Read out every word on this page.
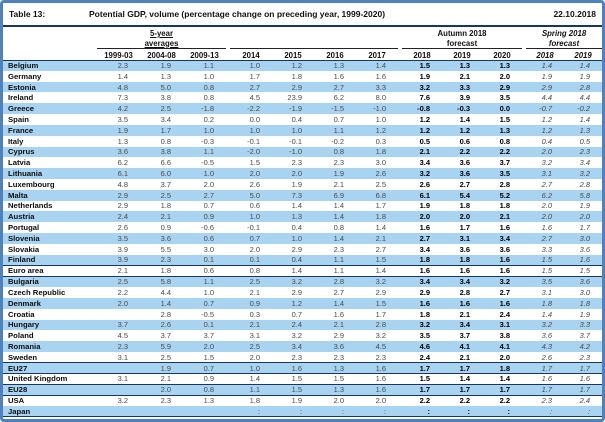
Table 13:	Potential GDP, volume (percentage change on preceding year, 1999-2020)	22.10.2018
	5-year									Autumn 2018				Spring 2018	
	averages									forecast				forecast	
	1999-03	2004-08	2009-13		2014	2015	2016	2017		2018	2019	2020		2018	2019
Belgium	2.3	1.9	1.1		1.0	1.2	1.3	1.4		1.5	1.3	1.3		1.4	1.4
Germany	1.4	1.3	1.0		1.7	1.8	1.6	1.6		1.9	2.1	2.0		1.9	1.9
Estonia	4.8	5.0	0.8		2.7	2.9	2.7	3.3		3.2	3.3	2.9		2.9	2.8
Ireland	7.3	3.8	0.8		4.5	23.9	6.2	8.0		7.6	3.9	3.5		4.4	4.4
Greece	4.2	2.5	-1.8		-2.2	-1.9	-1.5	-1.0		-0.8	-0.3	0.0		-0.7	-0.2
Spain	3.5	3.4	0.2		0.0	0.4	0.7	1.0		1.2	1.4	1.5		1.2	1.4
France	1.9	1.7	1.0		1.0	1.0	1.1	1.2		1.2	1.2	1.3		1.2	1.3
Italy	1.3	0.8	-0.3		-0.1	-0.1	-0.2	0.3		0.5	0.6	0.8		0.4	0.5
Cyprus	3.6	3.8	1.1		-2.0	-1.0	0.8	1.8		2.1	2.2	2.2		2.0	2.3
Latvia	6.2	6.6	-0.5		1.5	2.3	2.3	3.0		3.4	3.6	3.7		3.2	3.4
Lithuania	6.1	6.0	1.0		2.0	2.0	1.9	2.6		3.2	3.6	3.5		3.1	3.2
Luxembourg	4.8	3.7	2.0		2.6	1.9	2.1	2.5		2.6	2.7	2.8		2.7	2.8
Malta	2.9	2.5	2.7		5.0	7.3	6.9	6.8		6.1	5.4	5.2		6.2	5.8
Netherlands	2.9	1.8	0.7		0.6	1.4	1.4	1.7		1.9	1.8	1.8		2.0	1.9
Austria	2.4	2.1	0.9		1.0	1.3	1.4	1.8		2.0	2.0	2.1		2.0	2.0
Portugal	2.6	0.9	-0.6		-0.1	0.4	0.8	1.4		1.6	1.7	1.6		1.6	1.7
Slovenia	3.5	3.6	0.6		0.7	1.0	1.4	2.1		2.7	3.1	3.4		2.7	3.0
Slovakia	3.9	5.5	3.0		2.0	2.9	2.3	2.7		3.4	3.6	3.6		3.3	3.6
Finland	3.9	2.3	0.1		0.1	0.4	1.1	1.5		1.8	1.8	1.6		1.5	1.6
Euro area	2.1	1.8	0.6		0.8	1.4	1.1	1.4		1.6	1.6	1.6		1.5	1.5
Bulgaria	2.5	5.8	1.1		2.5	3.2	2.8	3.2		3.4	3.4	3.2		3.5	3.6
Czech Republic	2.2	4.4	1.0		2.1	2.9	2.7	2.9		2.9	2.8	2.7		3.1	3.0
Denmark	2.0	1.4	0.7		0.9	1.2	1.4	1.5		1.6	1.6	1.6		1.8	1.8
Croatia		2.8	-0.5		0.3	0.7	1.6	1.7		1.8	2.1	2.4		1.4	1.9
Hungary	3.7	2.6	0.1		2.1	2.4	2.1	2.8		3.2	3.4	3.1		3.2	3.3
Poland	4.5	3.7	3.7		3.1	3.2	2.9	3.2		3.5	3.7	3.8		3.6	3.7
Romania	2.3	5.9	2.0		2.5	3.4	3.6	4.5		4.6	4.1	4.1		4.3	4.2
Sweden	3.1	2.5	1.5		2.0	2.3	2.3	2.3		2.4	2.1	2.0		2.6	2.3
EU27		1.9	0.7		1.0	1.6	1.3	1.6		1.7	1.7	1.8		1.7	1.7
United Kingdom	3.1	2.1	0.9		1.4	1.5	1.5	1.6		1.5	1.4	1.4		1.6	1.6
EU28		2.0	0.8		1.1	1.5	1.3	1.6		1.7	1.7	1.7		1.7	1.7
USA	3.2	2.3	1.3		1.8	1.9	2.0	2.0		2.2	2.2	2.2		2.3	2.4
Japan					:	:	:	:		:	:	:		:	:
